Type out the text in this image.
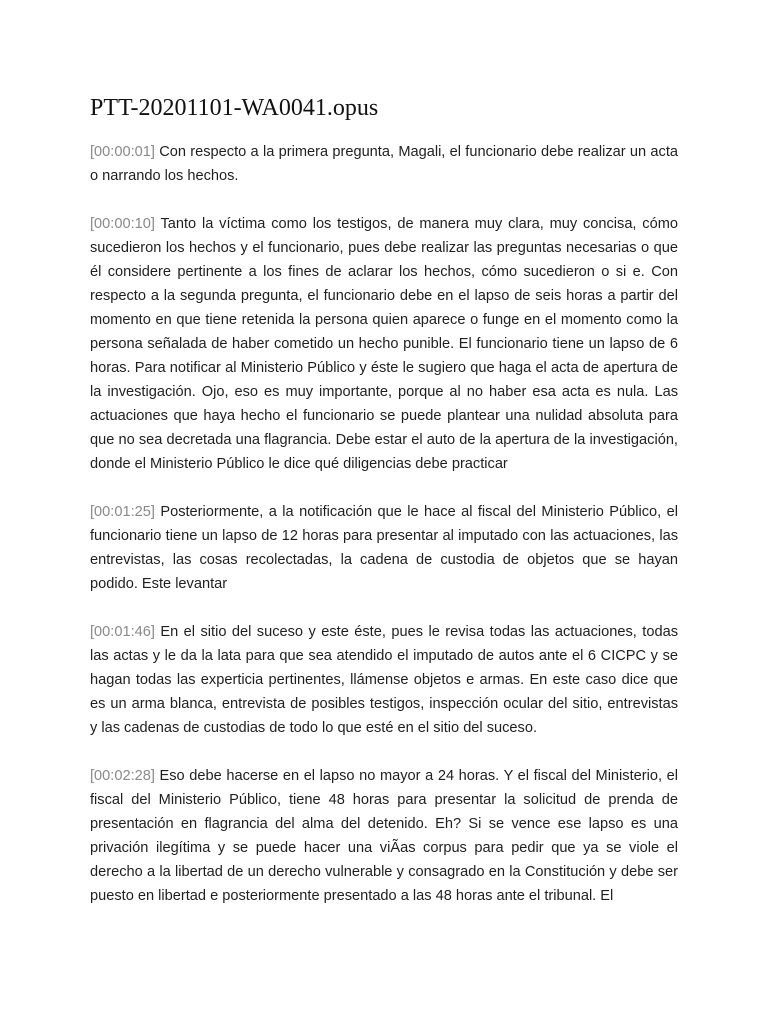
PTT-20201101-WA0041.opus

[00:00:01] Con respecto a la primera pregunta, Magali, el funcionario debe realizar un acta o narrando los hechos.

[00:00:10] Tanto la víctima como los testigos, de manera muy clara, muy concisa, cómo sucedieron los hechos y el funcionario, pues debe realizar las preguntas necesarias o que él considere pertinente a los fines de aclarar los hechos, cómo sucedieron o si e. Con respecto a la segunda pregunta, el funcionario debe en el lapso de seis horas a partir del momento en que tiene retenida la persona quien aparece o funge en el momento como la persona señalada de haber cometido un hecho punible. El funcionario tiene un lapso de 6 horas. Para notificar al Ministerio Público y éste le sugiero que haga el acta de apertura de la investigación. Ojo, eso es muy importante, porque al no haber esa acta es nula. Las actuaciones que haya hecho el funcionario se puede plantear una nulidad absoluta para que no sea decretada una flagrancia. Debe estar el auto de la apertura de la investigación, donde el Ministerio Público le dice qué diligencias debe practicar

[00:01:25] Posteriormente, a la notificación que le hace al fiscal del Ministerio Público, el funcionario tiene un lapso de 12 horas para presentar al imputado con las actuaciones, las entrevistas, las cosas recolectadas, la cadena de custodia de objetos que se hayan podido. Este levantar

[00:01:46] En el sitio del suceso y este éste, pues le revisa todas las actuaciones, todas las actas y le da la lata para que sea atendido el imputado de autos ante el 6 CICPC y se hagan todas las experticia pertinentes, llámense objetos e armas. En este caso dice que es un arma blanca, entrevista de posibles testigos, inspección ocular del sitio, entrevistas y las cadenas de custodias de todo lo que esté en el sitio del suceso.

[00:02:28] Eso debe hacerse en el lapso no mayor a 24 horas. Y el fiscal del Ministerio, el fiscal del Ministerio Público, tiene 48 horas para presentar la solicitud de prenda de presentación en flagrancia del alma del detenido. Eh? Si se vence ese lapso es una privación ilegítima y se puede hacer una viÃas corpus para pedir que ya se viole el derecho a la libertad de un derecho vulnerable y consagrado en la Constitución y debe ser puesto en libertad e posteriormente presentado a las 48 horas ante el tribunal. El
